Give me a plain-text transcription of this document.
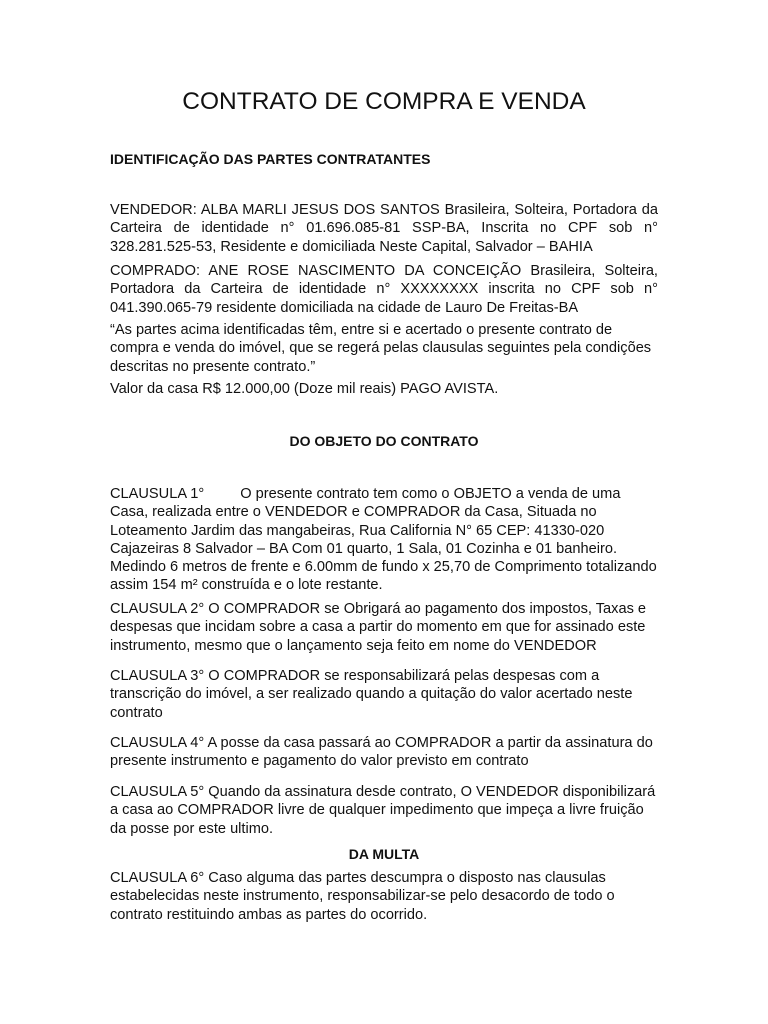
CONTRATO DE COMPRA E VENDA

IDENTIFICAÇÃO DAS PARTES CONTRATANTES

VENDEDOR: ALBA MARLI JESUS DOS SANTOS Brasileira, Solteira, Portadora da Carteira de identidade n° 01.696.085-81 SSP-BA, Inscrita no CPF sob n° 328.281.525-53, Residente e domiciliada Neste Capital, Salvador – BAHIA

COMPRADO: ANE ROSE NASCIMENTO DA CONCEIÇÃO Brasileira, Solteira, Portadora da Carteira de identidade n° XXXXXXXX inscrita no CPF sob n° 041.390.065-79 residente domiciliada na cidade de Lauro De Freitas-BA

“As partes acima identificadas têm, entre si e acertado o presente contrato de compra e venda do imóvel, que se regerá pelas clausulas seguintes pela condições descritas no presente contrato.”

Valor da casa R$ 12.000,00 (Doze mil reais) PAGO AVISTA.

DO OBJETO DO CONTRATO

CLAUSULA 1° O presente contrato tem como o OBJETO a venda de uma Casa, realizada entre o VENDEDOR e COMPRADOR da Casa, Situada no Loteamento Jardim das mangabeiras, Rua California N° 65 CEP: 41330-020 Cajazeiras 8 Salvador – BA Com 01 quarto, 1 Sala, 01 Cozinha e 01 banheiro. Medindo 6 metros de frente e 6.00mm de fundo x 25,70 de Comprimento totalizando assim 154 m² construída e o lote restante.

CLAUSULA 2° O COMPRADOR se Obrigará ao pagamento dos impostos, Taxas e despesas que incidam sobre a casa a partir do momento em que for assinado este instrumento, mesmo que o lançamento seja feito em nome do VENDEDOR

CLAUSULA 3° O COMPRADOR se responsabilizará pelas despesas com a transcrição do imóvel, a ser realizado quando a quitação do valor acertado neste contrato

CLAUSULA 4° A posse da casa passará ao COMPRADOR a partir da assinatura do presente instrumento e pagamento do valor previsto em contrato

CLAUSULA 5° Quando da assinatura desde contrato, O VENDEDOR disponibilizará a casa ao COMPRADOR livre de qualquer impedimento que impeça a livre fruição da posse por este ultimo.

DA MULTA

CLAUSULA 6° Caso alguma das partes descumpra o disposto nas clausulas estabelecidas neste instrumento, responsabilizar-se pelo desacordo de todo o contrato restituindo ambas as partes do ocorrido.
